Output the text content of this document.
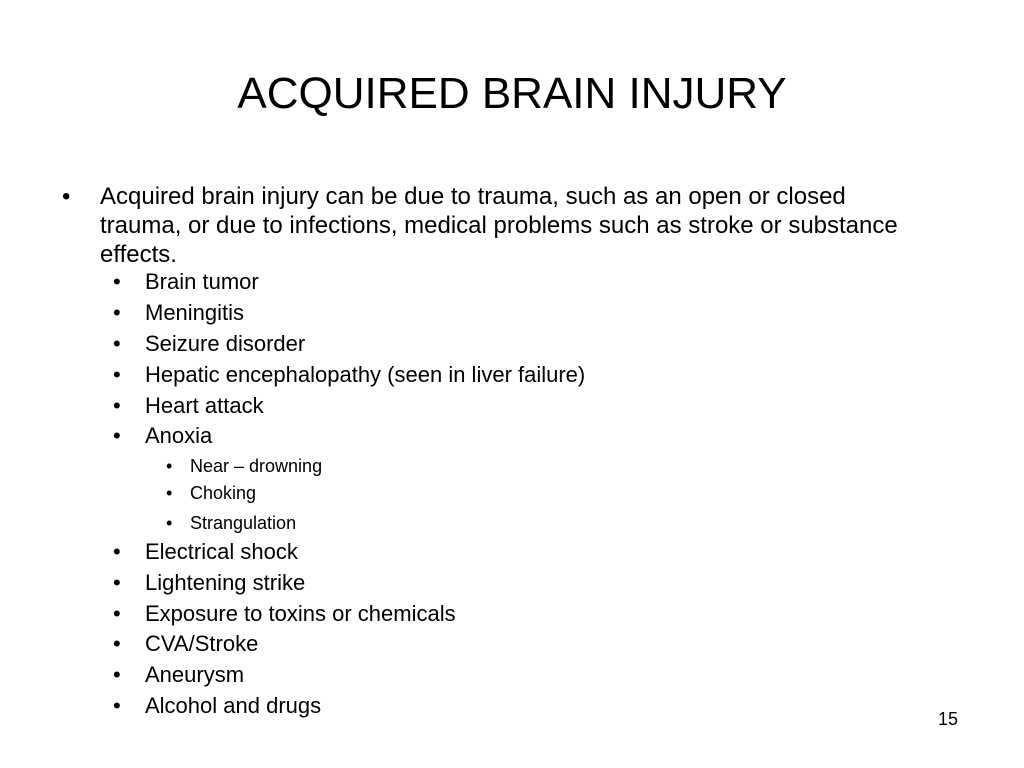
ACQUIRED BRAIN INJURY
• Acquired brain injury can be due to trauma, such as an open or closed trauma, or due to infections, medical problems such as stroke or substance effects.
• Brain tumor
• Meningitis
• Seizure disorder
• Hepatic encephalopathy (seen in liver failure)
• Heart attack
• Anoxia
• Near – drowning
• Choking
• Strangulation
• Electrical shock
• Lightening strike
• Exposure to toxins or chemicals
• CVA/Stroke
• Aneurysm
• Alcohol and drugs
15
